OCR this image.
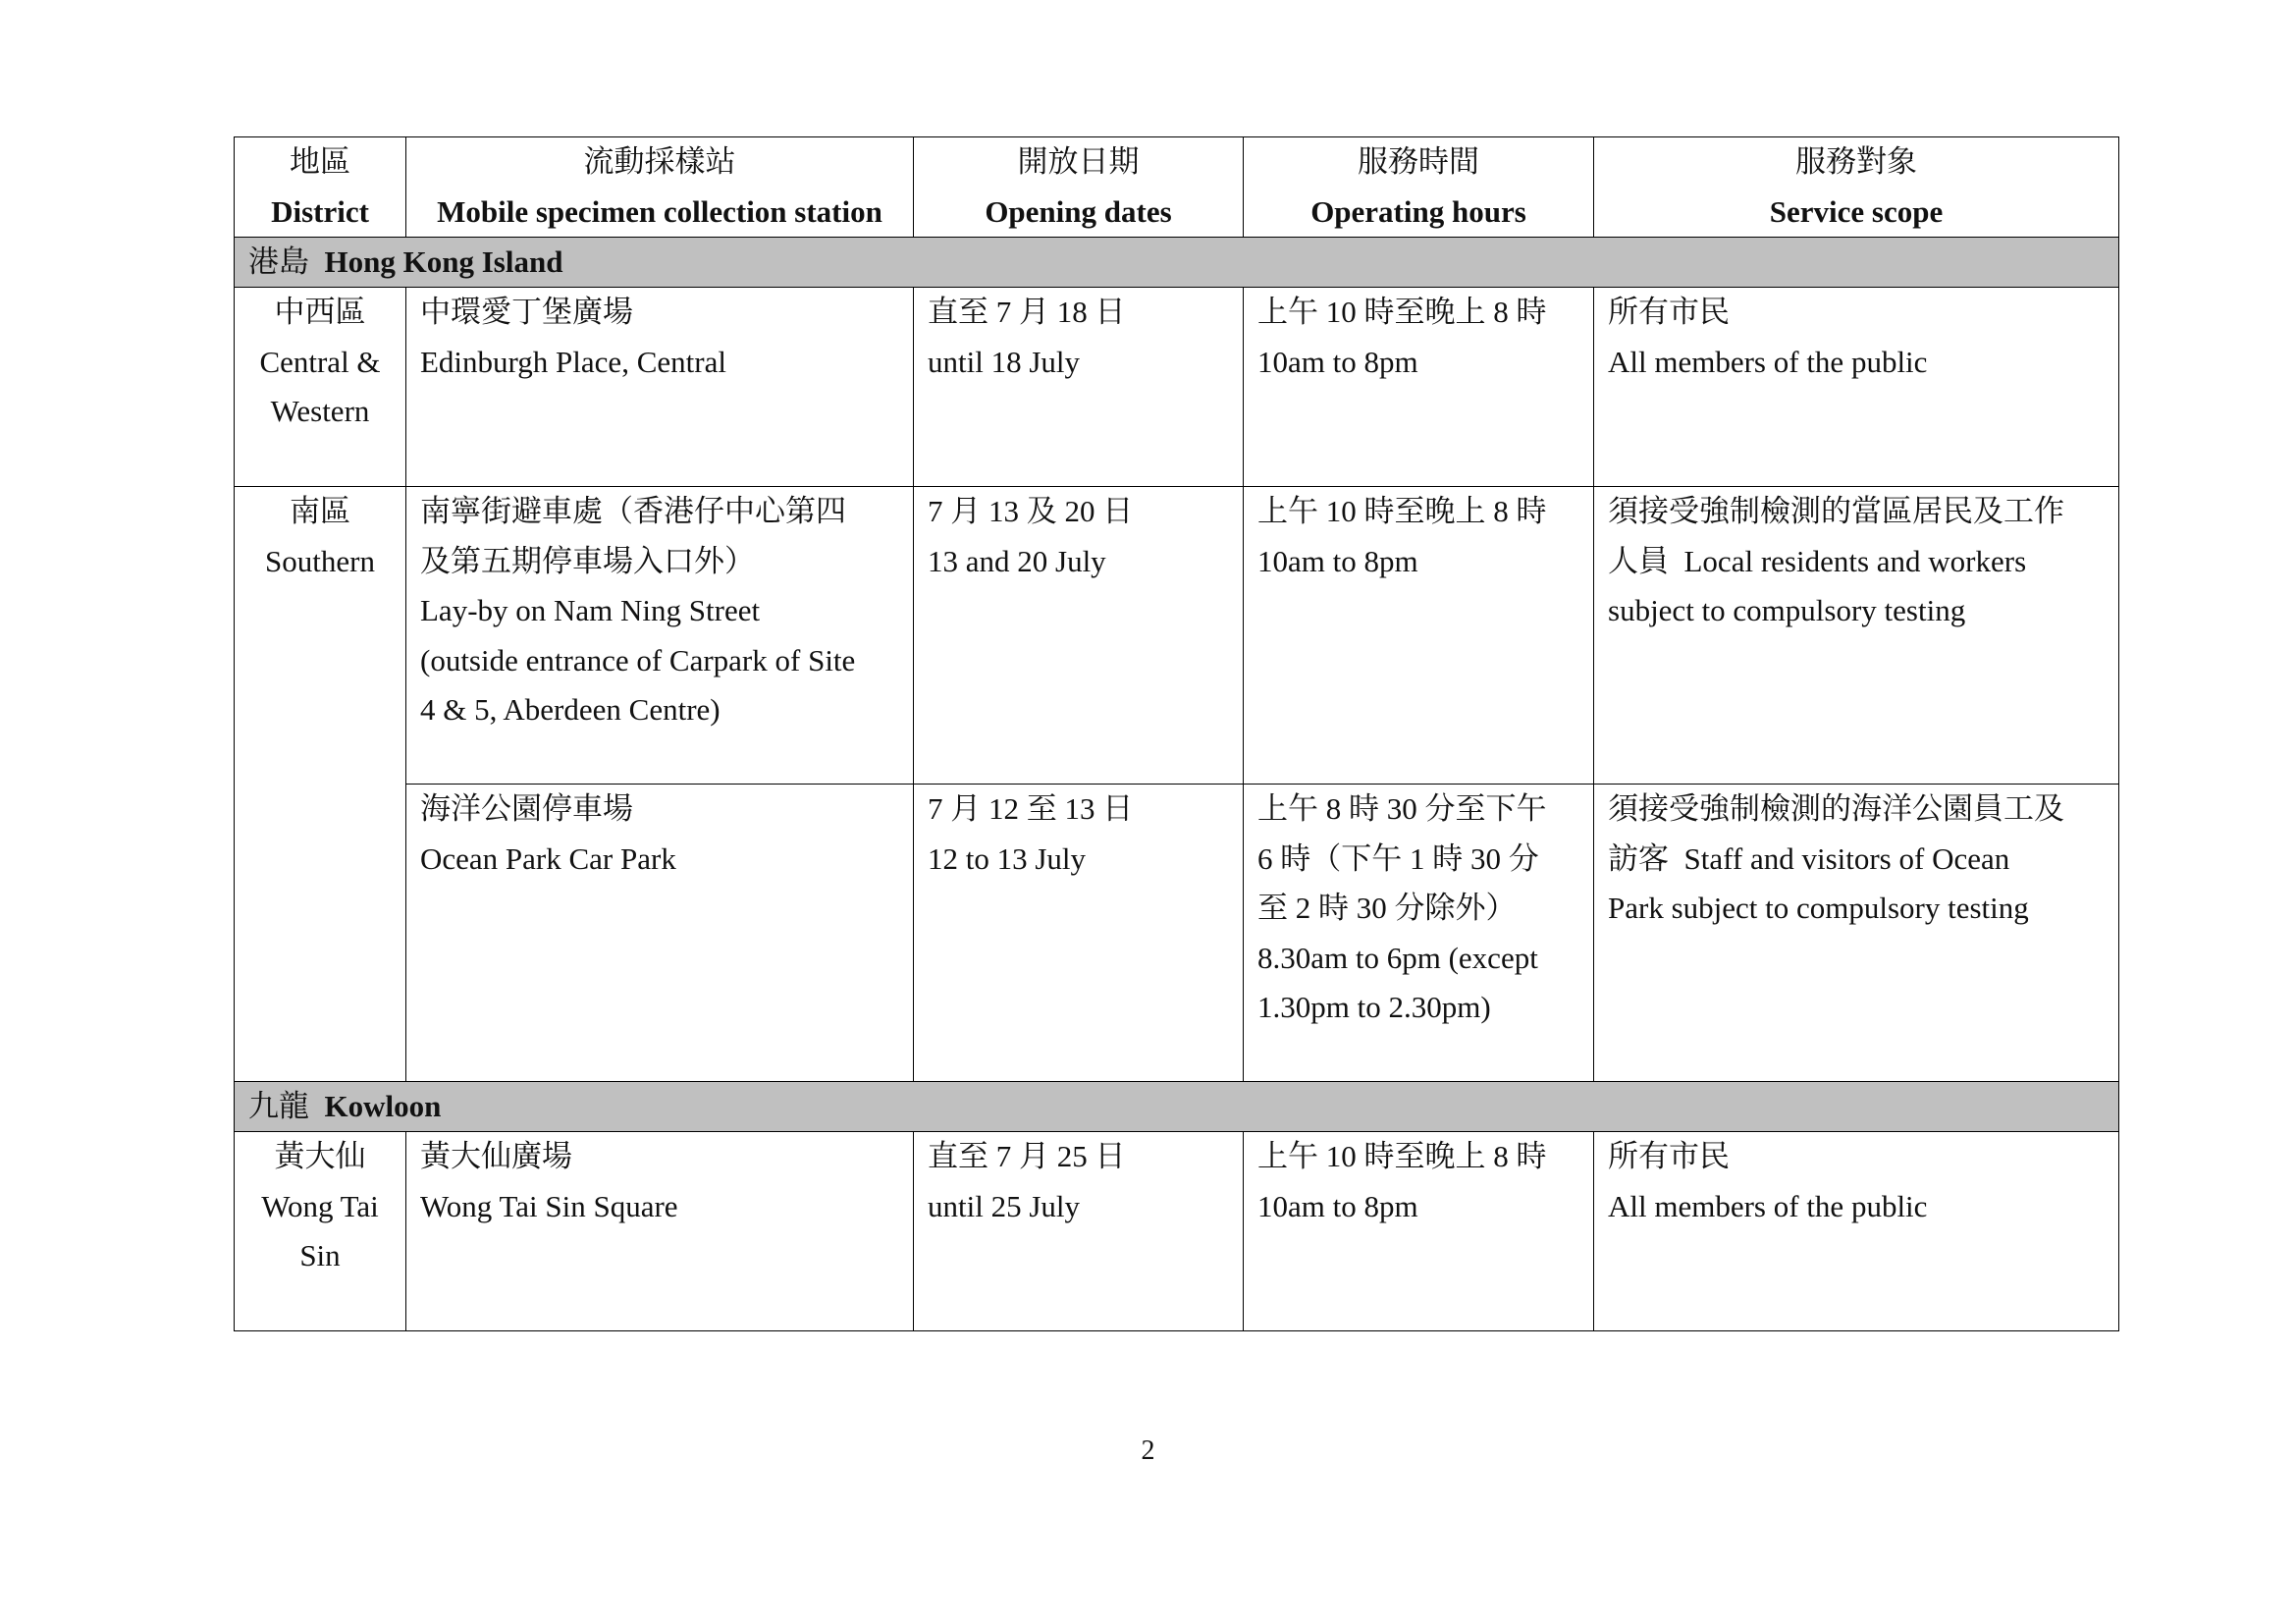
地區
District	流動採樣站
Mobile specimen collection station	開放日期
Opening dates	服務時間
Operating hours	服務對象
Service scope

港島 Hong Kong Island				

中西區
Central &
Western	中環愛丁堡廣場
Edinburgh Place, Central	直至 7 月 18 日
until 18 July	上午 10 時至晚上 8 時
10am to 8pm	所有市民
All members of the public

南區
Southern	南寧街避車處（香港仔中心第四
及第五期停車場入口外）
Lay-by on Nam Ning Street
(outside entrance of Carpark of Site
4 & 5, Aberdeen Centre)	7 月 13 及 20 日
13 and 20 July	上午 10 時至晚上 8 時
10am to 8pm	須接受強制檢測的當區居民及工作
人員 Local residents and workers
subject to compulsory testing

	海洋公園停車場
Ocean Park Car Park	7 月 12 至 13 日
12 to 13 July	上午 8 時 30 分至下午
6 時（下午 1 時 30 分
至 2 時 30 分除外）
8.30am to 6pm (except
1.30pm to 2.30pm)	須接受強制檢測的海洋公園員工及
訪客 Staff and visitors of Ocean
Park subject to compulsory testing

九龍 Kowloon				

黃大仙
Wong Tai
Sin	黃大仙廣場
Wong Tai Sin Square	直至 7 月 25 日
until 25 July	上午 10 時至晚上 8 時
10am to 8pm	所有市民
All members of the public
2
